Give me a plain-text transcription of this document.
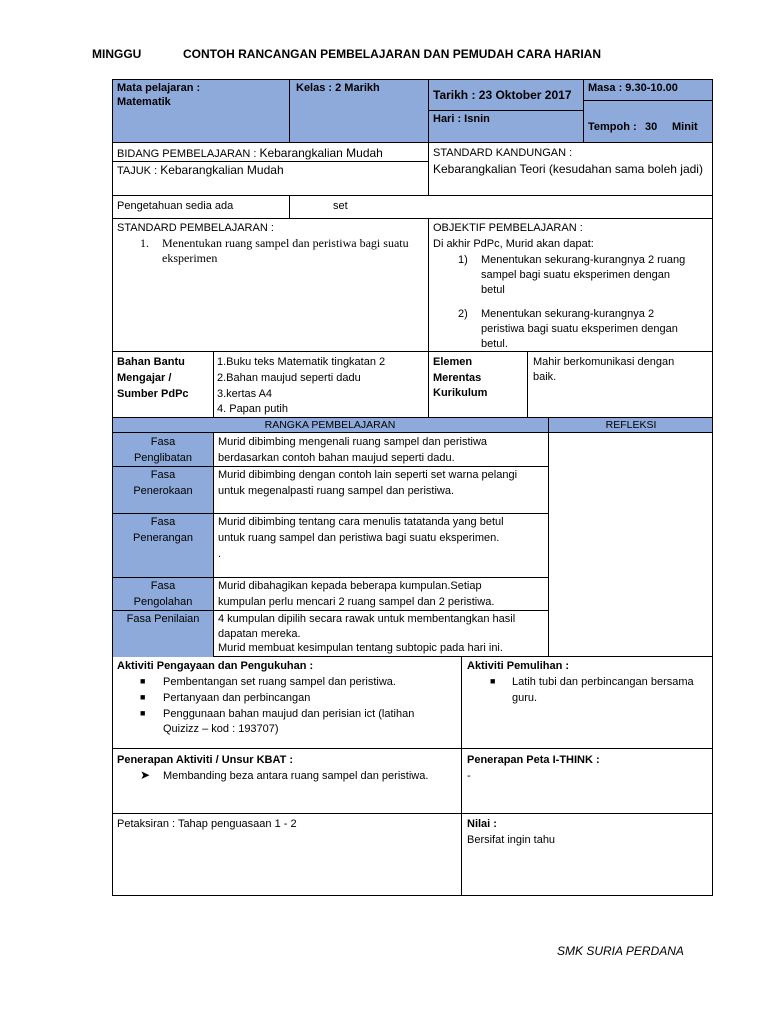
MINGGU	CONTOH RANCANGAN PEMBELAJARAN DAN PEMUDAH CARA HARIAN
Mata pelajaran :
Matematik
Kelas : 2 Marikh	Tarikh : 23 Oktober 2017
Hari : Isnin
Masa : 9.30-10.00
Tempoh : 30 Minit
BIDANG PEMBELAJARAN : Kebarangkalian Mudah
TAJUK : Kebarangkalian Mudah
STANDARD KANDUNGAN :
Kebarangkalian Teori (kesudahan sama boleh jadi)
Pengetahuan sedia ada	set
STANDARD PEMBELAJARAN :
1. Menentukan ruang sampel dan peristiwa bagi suatu eksperimen
OBJEKTIF PEMBELAJARAN :
Di akhir PdPc, Murid akan dapat:
1) Menentukan sekurang-kurangnya 2 ruang
sampel bagi suatu eksperimen dengan
betul
2) Menentukan sekurang-kurangnya 2
peristiwa bagi suatu eksperimen dengan
betul.
Bahan Bantu
Mengajar /
Sumber PdPc
1.Buku teks Matematik tingkatan 2
2.Bahan maujud seperti dadu
3.kertas A4
4. Papan putih
Elemen
Merentas
Kurikulum
Mahir berkomunikasi dengan
baik.
RANGKA PEMBELAJARAN	REFLEKSI
Fasa
Penglibatan
Murid dibimbing mengenali ruang sampel dan peristiwa
berdasarkan contoh bahan maujud seperti dadu.
Fasa
Penerokaan
Murid dibimbing dengan contoh lain seperti set warna pelangi
untuk megenalpasti ruang sampel dan peristiwa.
Fasa
Penerangan
Murid dibimbing tentang cara menulis tatatanda yang betul
untuk ruang sampel dan peristiwa bagi suatu eksperimen.
.
Fasa
Pengolahan
Murid dibahagikan kepada beberapa kumpulan.Setiap
kumpulan perlu mencari 2 ruang sampel dan 2 peristiwa.
Fasa Penilaian	4 kumpulan dipilih secara rawak untuk membentangkan hasil
dapatan mereka.
Murid membuat kesimpulan tentang subtopic pada hari ini.
Aktiviti Pengayaan dan Pengukuhan :
■ Pembentangan set ruang sampel dan peristiwa.
■ Pertanyaan dan perbincangan
■ Penggunaan bahan maujud dan perisian ict (latihan
Quizizz – kod : 193707)
Aktiviti Pemulihan :
■ Latih tubi dan perbincangan bersama
guru.
Penerapan Aktiviti / Unsur KBAT :
➤ Membanding beza antara ruang sampel dan peristiwa.
Penerapan Peta I-THINK :
-
Petaksiran : Tahap penguasaan 1 - 2	Nilai :
Bersifat ingin tahu
SMK SURIA PERDANA
